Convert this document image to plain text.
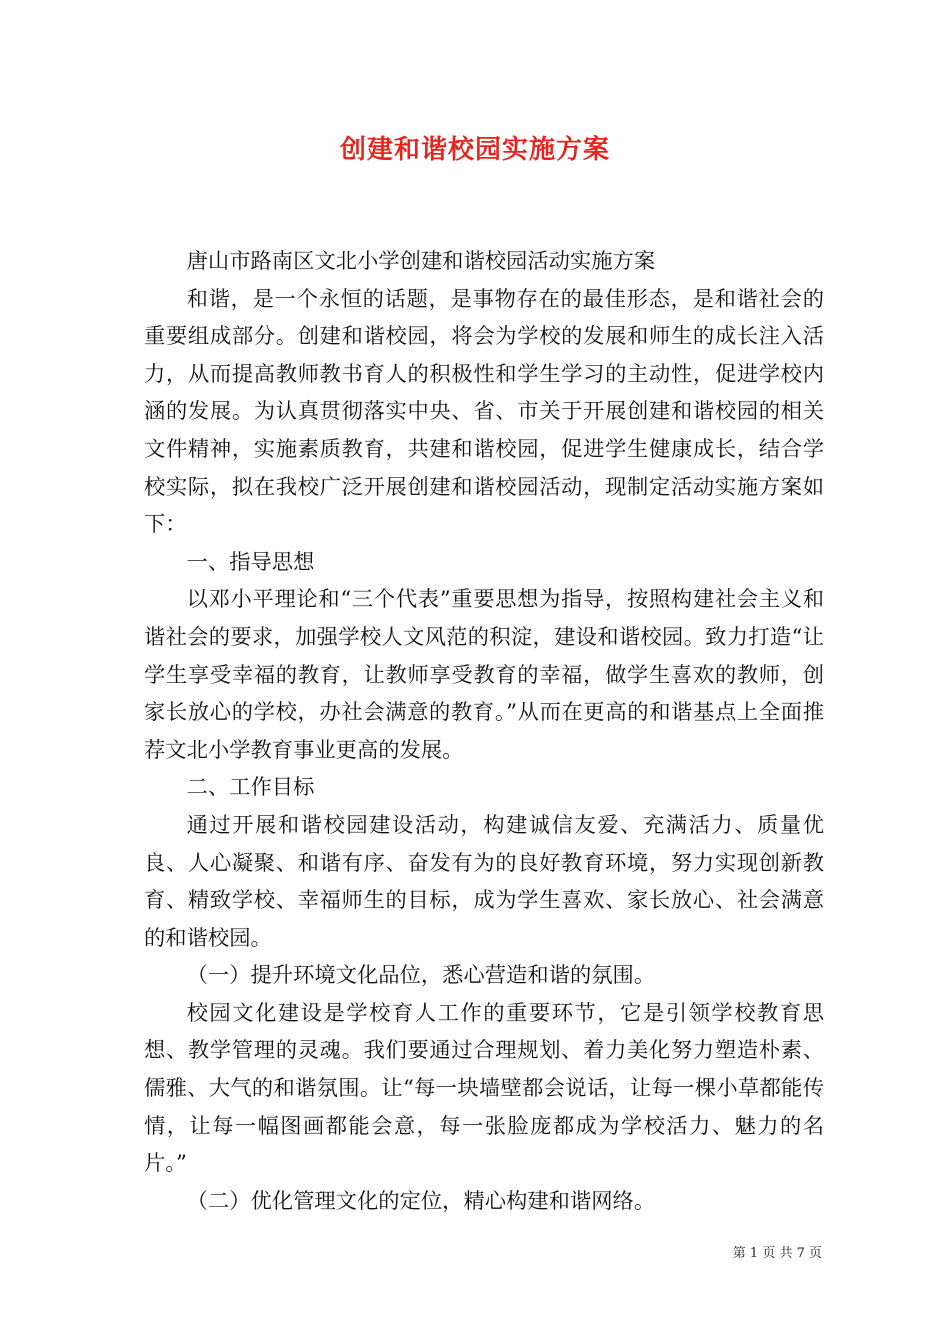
创建和谐校园实施方案

唐山市路南区文北小学创建和谐校园活动实施方案

和谐，是一个永恒的话题，是事物存在的最佳形态，是和谐社会的重要组成部分。创建和谐校园，将会为学校的发展和师生的成长注入活力，从而提高教师教书育人的积极性和学生学习的主动性，促进学校内涵的发展。为认真贯彻落实中央、省、市关于开展创建和谐校园的相关文件精神，实施素质教育，共建和谐校园，促进学生健康成长，结合学校实际，拟在我校广泛开展创建和谐校园活动，现制定活动实施方案如下：

一、指导思想

以邓小平理论和“三个代表”重要思想为指导，按照构建社会主义和谐社会的要求，加强学校人文风范的积淀，建设和谐校园。致力打造“让学生享受幸福的教育，让教师享受教育的幸福，做学生喜欢的教师，创家长放心的学校，办社会满意的教育。”从而在更高的和谐基点上全面推荐文北小学教育事业更高的发展。

二、工作目标

通过开展和谐校园建设活动，构建诚信友爱、充满活力、质量优良、人心凝聚、和谐有序、奋发有为的良好教育环境，努力实现创新教育、精致学校、幸福师生的目标，成为学生喜欢、家长放心、社会满意的和谐校园。

（一）提升环境文化品位，悉心营造和谐的氛围。

校园文化建设是学校育人工作的重要环节，它是引领学校教育思想、教学管理的灵魂。我们要通过合理规划、着力美化努力塑造朴素、儒雅、大气的和谐氛围。让“每一块墙壁都会说话，让每一棵小草都能传情，让每一幅图画都能会意，每一张脸庞都成为学校活力、魅力的名片。”

（二）优化管理文化的定位，精心构建和谐网络。

第 1 页 共 7 页
